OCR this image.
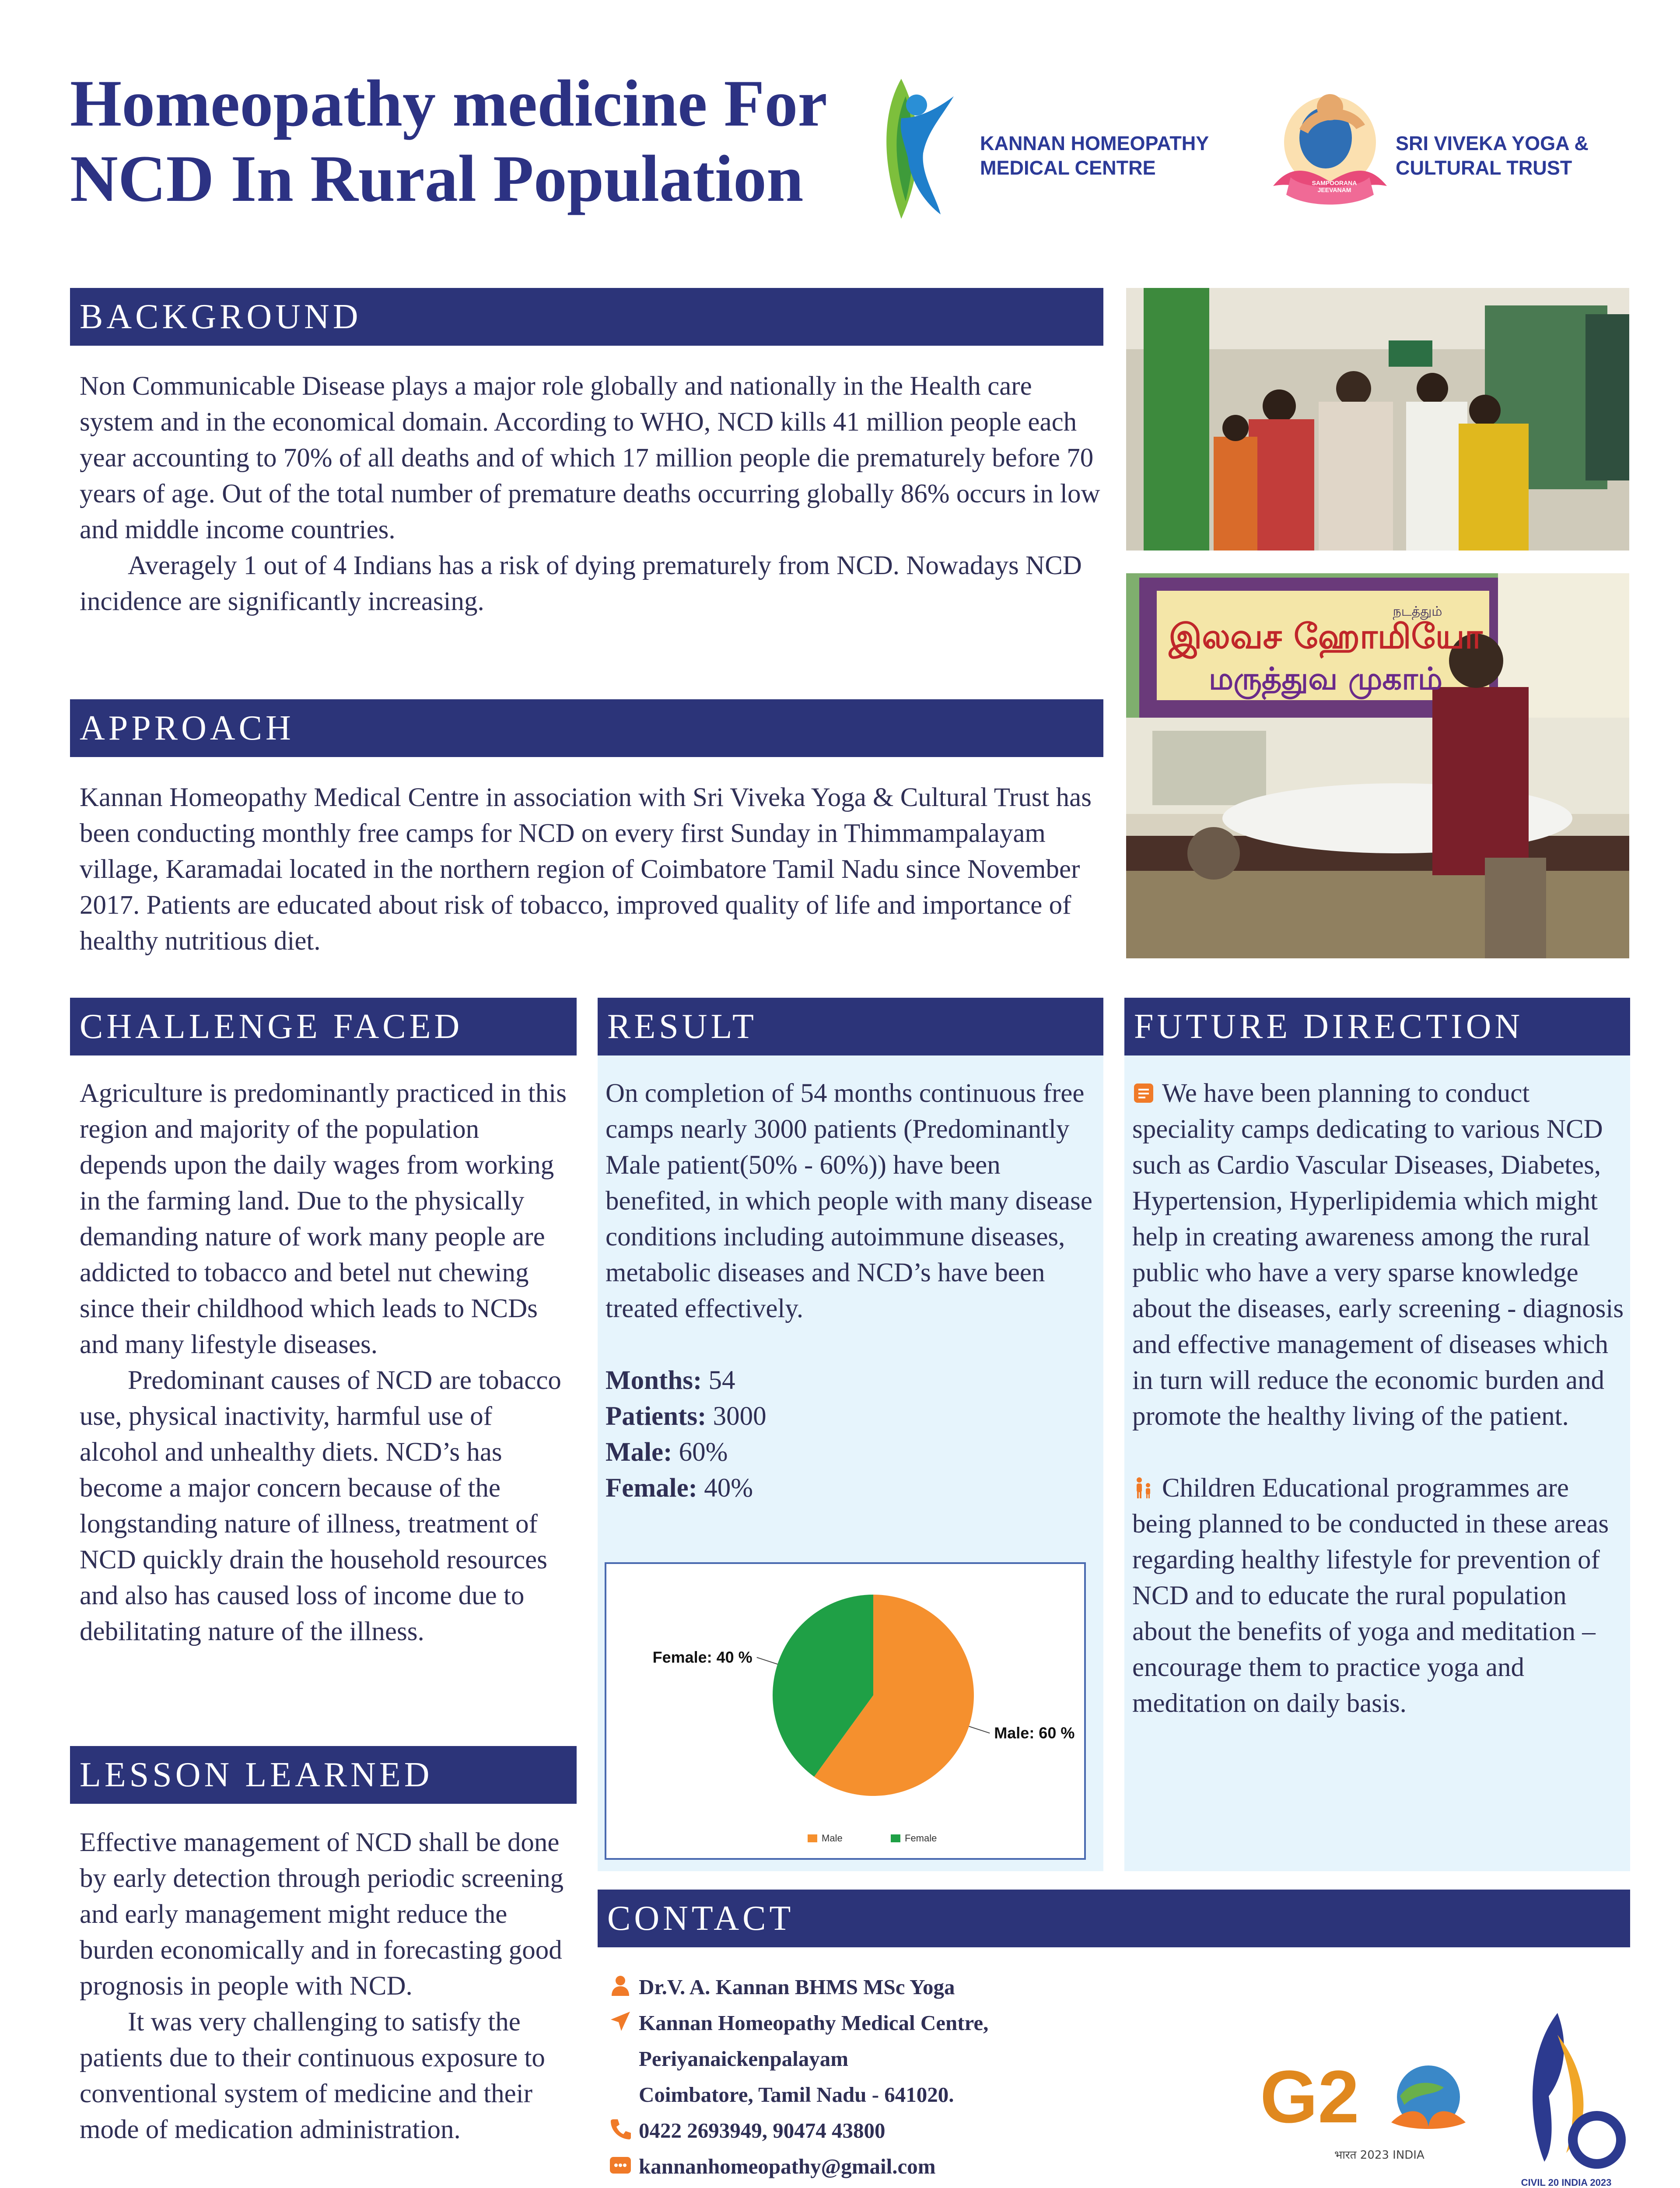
Homeopathy medicine For
NCD In Rural Population	KANNAN HOMEOPATHY
MEDICAL CENTRE
SAMPOORANA JEEVANAM
SRI VIVEKA YOGA &
CULTURAL TRUST
BACKGROUND

Non Communicable Disease plays a major role globally and nationally in the Health care system and in the economical domain. According to WHO, NCD kills 41 million people each year accounting to 70% of all deaths and of which 17 million people die prematurely before 70 years of age. Out of the total number of premature deaths occurring globally 86% occurs in low and middle income countries.

Averagely 1 out of 4 Indians has a risk of dying prematurely from NCD. Nowadays NCD incidence are significantly increasing.

APPROACH

Kannan Homeopathy Medical Centre in association with Sri Viveka Yoga & Cultural Trust has been conducting monthly free camps for NCD on every first Sunday in Thimmampalayam village, Karamadai located in the northern region of Coimbatore Tamil Nadu since November 2017. Patients are educated about risk of tobacco, improved quality of life and importance of healthy nutritious diet.

நடத்தும்
இலவச ஹோமியோ
மருத்துவ முகாம்
CHALLENGE FACED

Agriculture is predominantly practiced in this region and majority of the population depends upon the daily wages from working in the farming land. Due to the physically demanding nature of work many people are addicted to tobacco and betel nut chewing since their childhood which leads to NCDs and many lifestyle diseases.

Predominant causes of NCD are tobacco use, physical inactivity, harmful use of alcohol and unhealthy diets. NCD’s has become a major concern because of the longstanding nature of illness, treatment of NCD quickly drain the household resources and also has caused loss of income due to debilitating nature of the illness.

LESSON LEARNED

Effective management of NCD shall be done by early detection through periodic screening and early management might reduce the burden economically and in forecasting good prognosis in people with NCD.

It was very challenging to satisfy the patients due to their continuous exposure to conventional system of medicine and their mode of medication administration.

RESULT

On completion of 54 months continuous free camps nearly 3000 patients (Predominantly Male patient(50% - 60%)) have been benefited, in which people with many disease conditions including autoimmune diseases, metabolic diseases and NCD’s have been treated effectively.

Months: 54
Patients: 3000
Male: 60%
Female: 40%
Male: 60 %
Female: 40 %
Male	Female
FUTURE DIRECTION

We have been planning to conduct speciality camps dedicating to various NCD such as Cardio Vascular Diseases, Diabetes, Hypertension, Hyperlipidemia which might help in creating awareness among the rural public who have a very sparse knowledge about the diseases, early screening - diagnosis and effective management of diseases which in turn will reduce the economic burden and promote the healthy living of the patient.

Children Educational programmes are being planned to be conducted in these areas regarding healthy lifestyle for prevention of NCD and to educate the rural population about the benefits of yoga and meditation – encourage them to practice yoga and meditation on daily basis.

CONTACT
Dr.V. A. Kannan BHMS MSc Yoga
Kannan Homeopathy Medical Centre,
Periyanaickenpalayam
Coimbatore, Tamil Nadu - 641020.
0422 2693949, 90474 43800
kannanhomeopathy@gmail.com
G2
भारत 2023 INDIA
CIVIL 20 INDIA 2023
